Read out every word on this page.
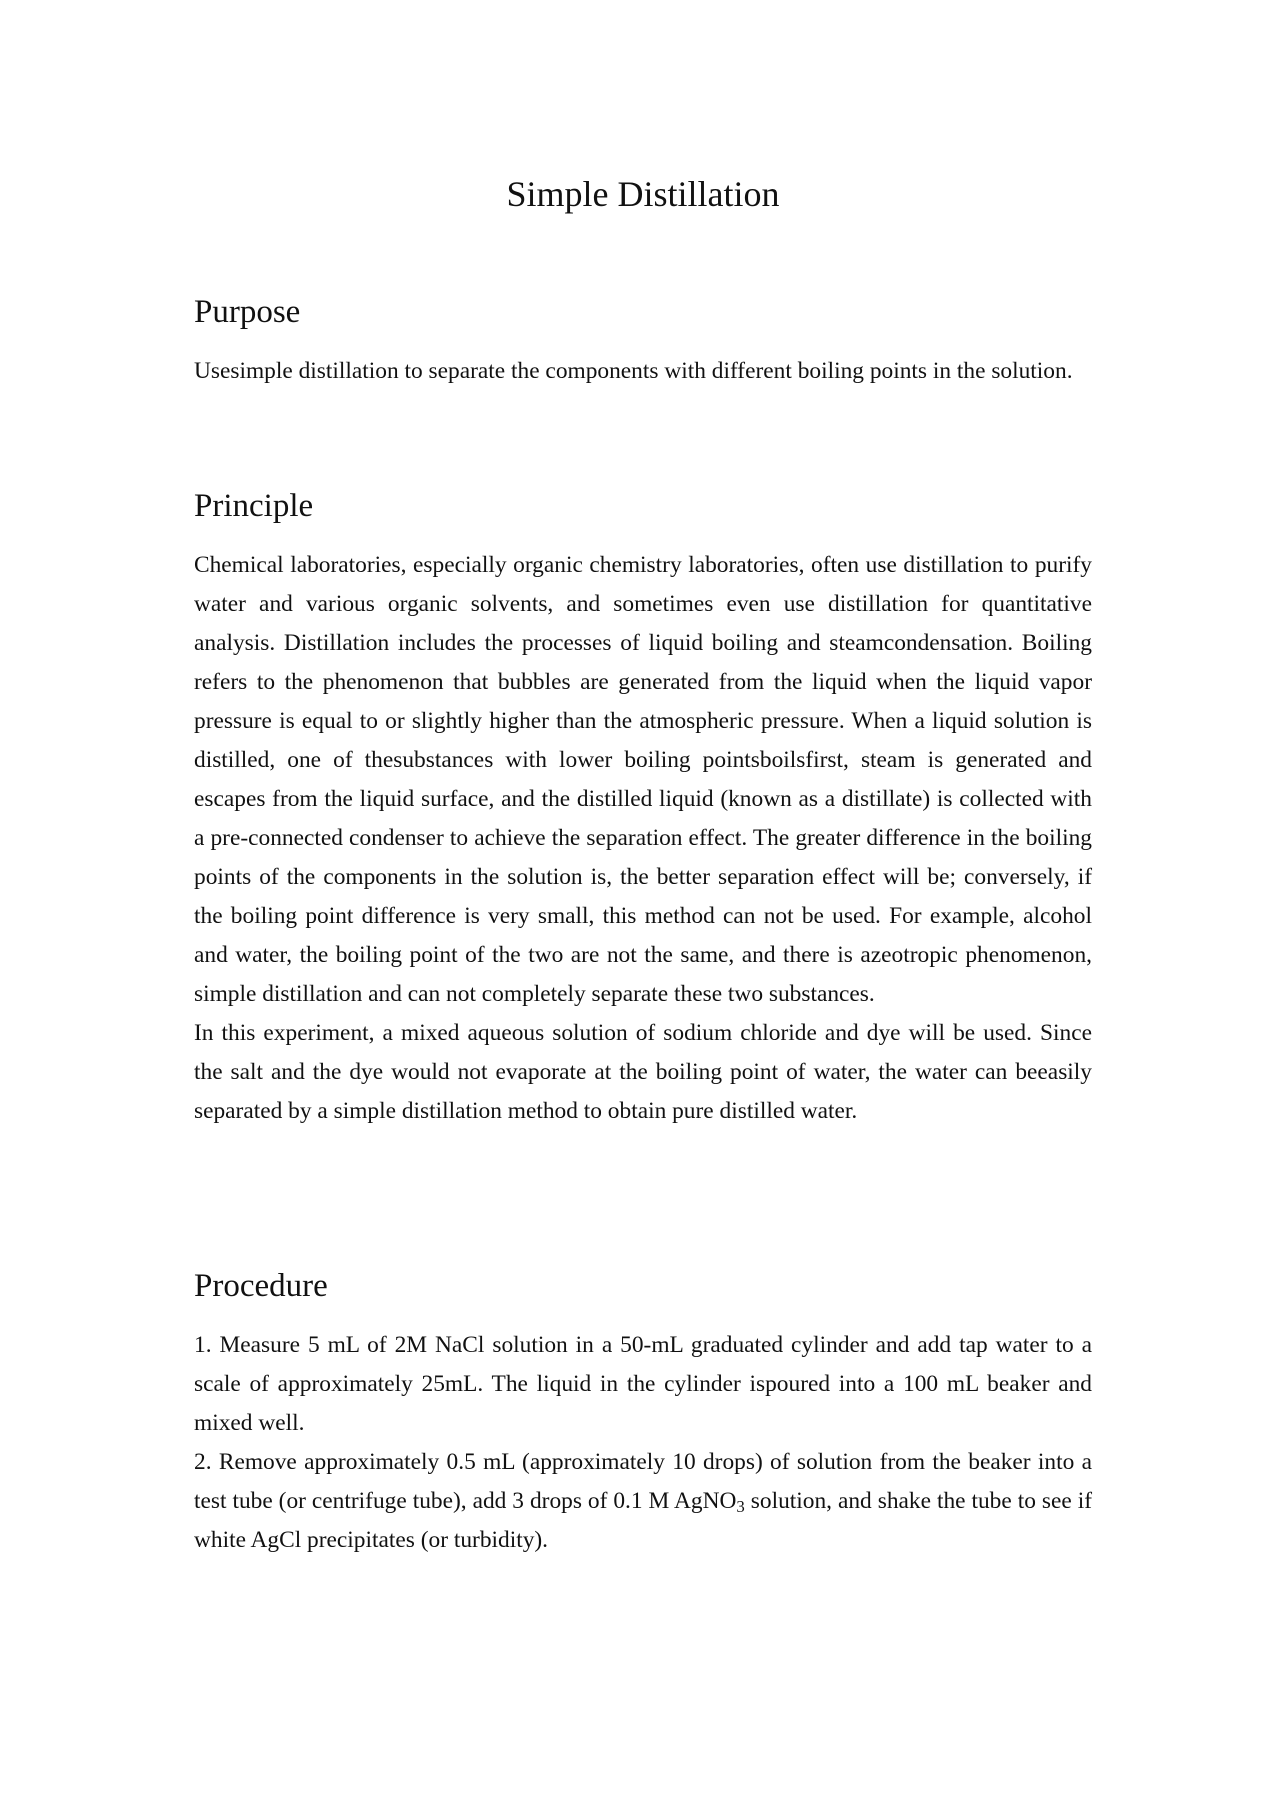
Simple Distillation
Purpose

Usesimple distillation to separate the components with different boiling points in the solution.

Principle
Chemical laboratories, especially organic chemistry laboratories, often use distillation to purify water and various organic solvents, and sometimes even use distillation for quantitative analysis. Distillation includes the processes of liquid boiling and steamcondensation. Boiling refers to the phenomenon that bubbles are generated from the liquid when the liquid vapor pressure is equal to or slightly higher than the atmospheric pressure. When a liquid solution is distilled, one of thesubstances with lower boiling pointsboilsfirst, steam is generated and escapes from the liquid surface, and the distilled liquid (known as a distillate) is collected with a pre-connected condenser to achieve the separation effect. The greater difference in the boiling points of the components in the solution is, the better separation effect will be; conversely, if the boiling point difference is very small, this method can not be used. For example, alcohol and water, the boiling point of the two are not the same, and there is azeotropic phenomenon, simple distillation and can not completely separate these two substances.
In this experiment, a mixed aqueous solution of sodium chloride and dye will be used. Since the salt and the dye would not evaporate at the boiling point of water, the water can beeasily separated by a simple distillation method to obtain pure distilled water.
Procedure
1. Measure 5 mL of 2M NaCl solution in a 50-mL graduated cylinder and add tap water to a scale of approximately 25mL. The liquid in the cylinder ispoured into a 100 mL beaker and mixed well.
2. Remove approximately 0.5 mL (approximately 10 drops) of solution from the beaker into a test tube (or centrifuge tube), add 3 drops of 0.1 M AgNO$_3$ solution, and shake the tube to see if white AgCl precipitates (or turbidity).
